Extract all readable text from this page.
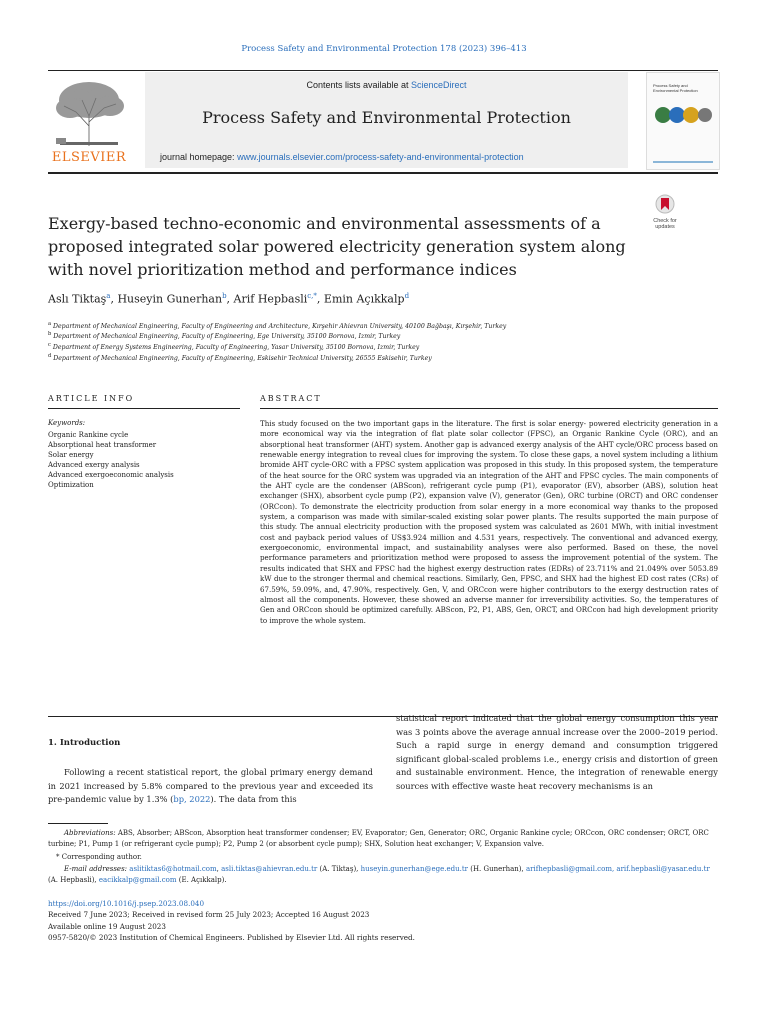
Process Safety and Environmental Protection 178 (2023) 396–413
Contents lists available at ScienceDirect
Process Safety and Environmental Protection
journal homepage: www.journals.elsevier.com/process-safety-and-environmental-protection
ELSEVIER
Process Safety and Environmental Protection
Check for updates
Exergy-based techno-economic and environmental assessments of a proposed integrated solar powered electricity generation system along with novel prioritization method and performance indices
Aslı Tiktaş$^a$, Huseyin Gunerhan$^b$, Arif Hepbasli$^{c,*}$, Emin Açıkkalp$^d$
$^a$ Department of Mechanical Engineering, Faculty of Engineering and Architecture, Kırşehir Ahievran University, 40100 Bağbaşı, Kırşehir, Turkey
$^b$ Department of Mechanical Engineering, Faculty of Engineering, Ege University, 35100 Bornova, Izmir, Turkey
$^c$ Department of Energy Systems Engineering, Faculty of Engineering, Yasar University, 35100 Bornova, Izmir, Turkey
$^d$ Department of Mechanical Engineering, Faculty of Engineering, Eskisehir Technical University, 26555 Eskisehir, Turkey
ARTICLE INFO
Keywords:
Organic Rankine cycle
Absorptional heat transformer
Solar energy
Advanced exergy analysis
Advanced exergoeconomic analysis
Optimization
ABSTRACT
This study focused on the two important gaps in the literature. The first is solar energy- powered electricity generation in a more economical way via the integration of flat plate solar collector (FPSC), an Organic Rankine Cycle (ORC), and an absorptional heat transformer (AHT) system. Another gap is advanced exergy analysis of the AHT cycle/ORC process based on renewable energy integration to reveal clues for improving the system. To close these gaps, a novel system including a lithium bromide AHT cycle-ORC with a FPSC system application was proposed in this study. In this proposed system, the temperature of the heat source for the ORC system was upgraded via an integration of the AHT and FPSC cycles. The main components of the AHT cycle are the condenser (ABScon), refrigerant cycle pump (P1), evaporator (EV), absorber (ABS), solution heat exchanger (SHX), absorbent cycle pump (P2), expansion valve (V), generator (Gen), ORC turbine (ORCT) and ORC condenser (ORCcon). To demonstrate the electricity production from solar energy in a more economical way thanks to the proposed system, a comparison was made with similar-scaled existing solar power plants. The results supported the main purpose of this study. The annual electricity production with the proposed system was calculated as 2601 MWh, with initial investment cost and payback period values of US$3.924 million and 4.531 years, respectively. The conventional and advanced exergy, exergoeconomic, environmental impact, and sustainability analyses were also performed. Based on these, the novel performance parameters and prioritization method were proposed to assess the improvement potential of the system. The results indicated that SHX and FPSC had the highest exergy destruction rates (EDRs) of 23.711% and 21.049% over 5053.89 kW due to the stronger thermal and chemical reactions. Similarly, Gen, FPSC, and SHX had the highest ED cost rates (CRs) of 67.59%, 59.09%, and, 47.90%, respectively. Gen, V, and ORCcon were higher contributors to the exergy destruction rates of almost all the components. However, these showed an adverse manner for irreversibility activities. So, the temperatures of Gen and ORCcon should be optimized carefully. ABScon, P2, P1, ABS, Gen, ORCT, and ORCcon had high development priority to improve the whole system.
1. Introduction
Following a recent statistical report, the global primary energy demand in 2021 increased by 5.8% compared to the previous year and exceeded its pre-pandemic value by 1.3% (bp, 2022). The data from this
statistical report indicated that the global energy consumption this year was 3 points above the average annual increase over the 2000–2019 period. Such a rapid surge in energy demand and consumption triggered significant global-scaled problems i.e., energy crisis and distortion of green and sustainable environment. Hence, the integration of renewable energy sources with effective waste heat recovery mechanisms is an
Abbreviations: ABS, Absorber; ABScon, Absorption heat transformer condenser; EV, Evaporator; Gen, Generator; ORC, Organic Rankine cycle; ORCcon, ORC condenser; ORCT, ORC turbine; P1, Pump 1 (or refrigerant cycle pump); P2, Pump 2 (or absorbent cycle pump); SHX, Solution heat exchanger; V, Expansion valve.
* Corresponding author.
E-mail addresses: aslitiktas6@hotmail.com, asli.tiktas@ahievran.edu.tr (A. Tiktaş), huseyin.gunerhan@ege.edu.tr (H. Gunerhan), arifhepbasli@gmail.com, arif.hepbasli@yasar.edu.tr (A. Hepbasli), eacikkalp@gmail.com (E. Açıkkalp).
https://doi.org/10.1016/j.psep.2023.08.040
Received 7 June 2023; Received in revised form 25 July 2023; Accepted 16 August 2023
Available online 19 August 2023
0957-5820/© 2023 Institution of Chemical Engineers. Published by Elsevier Ltd. All rights reserved.
